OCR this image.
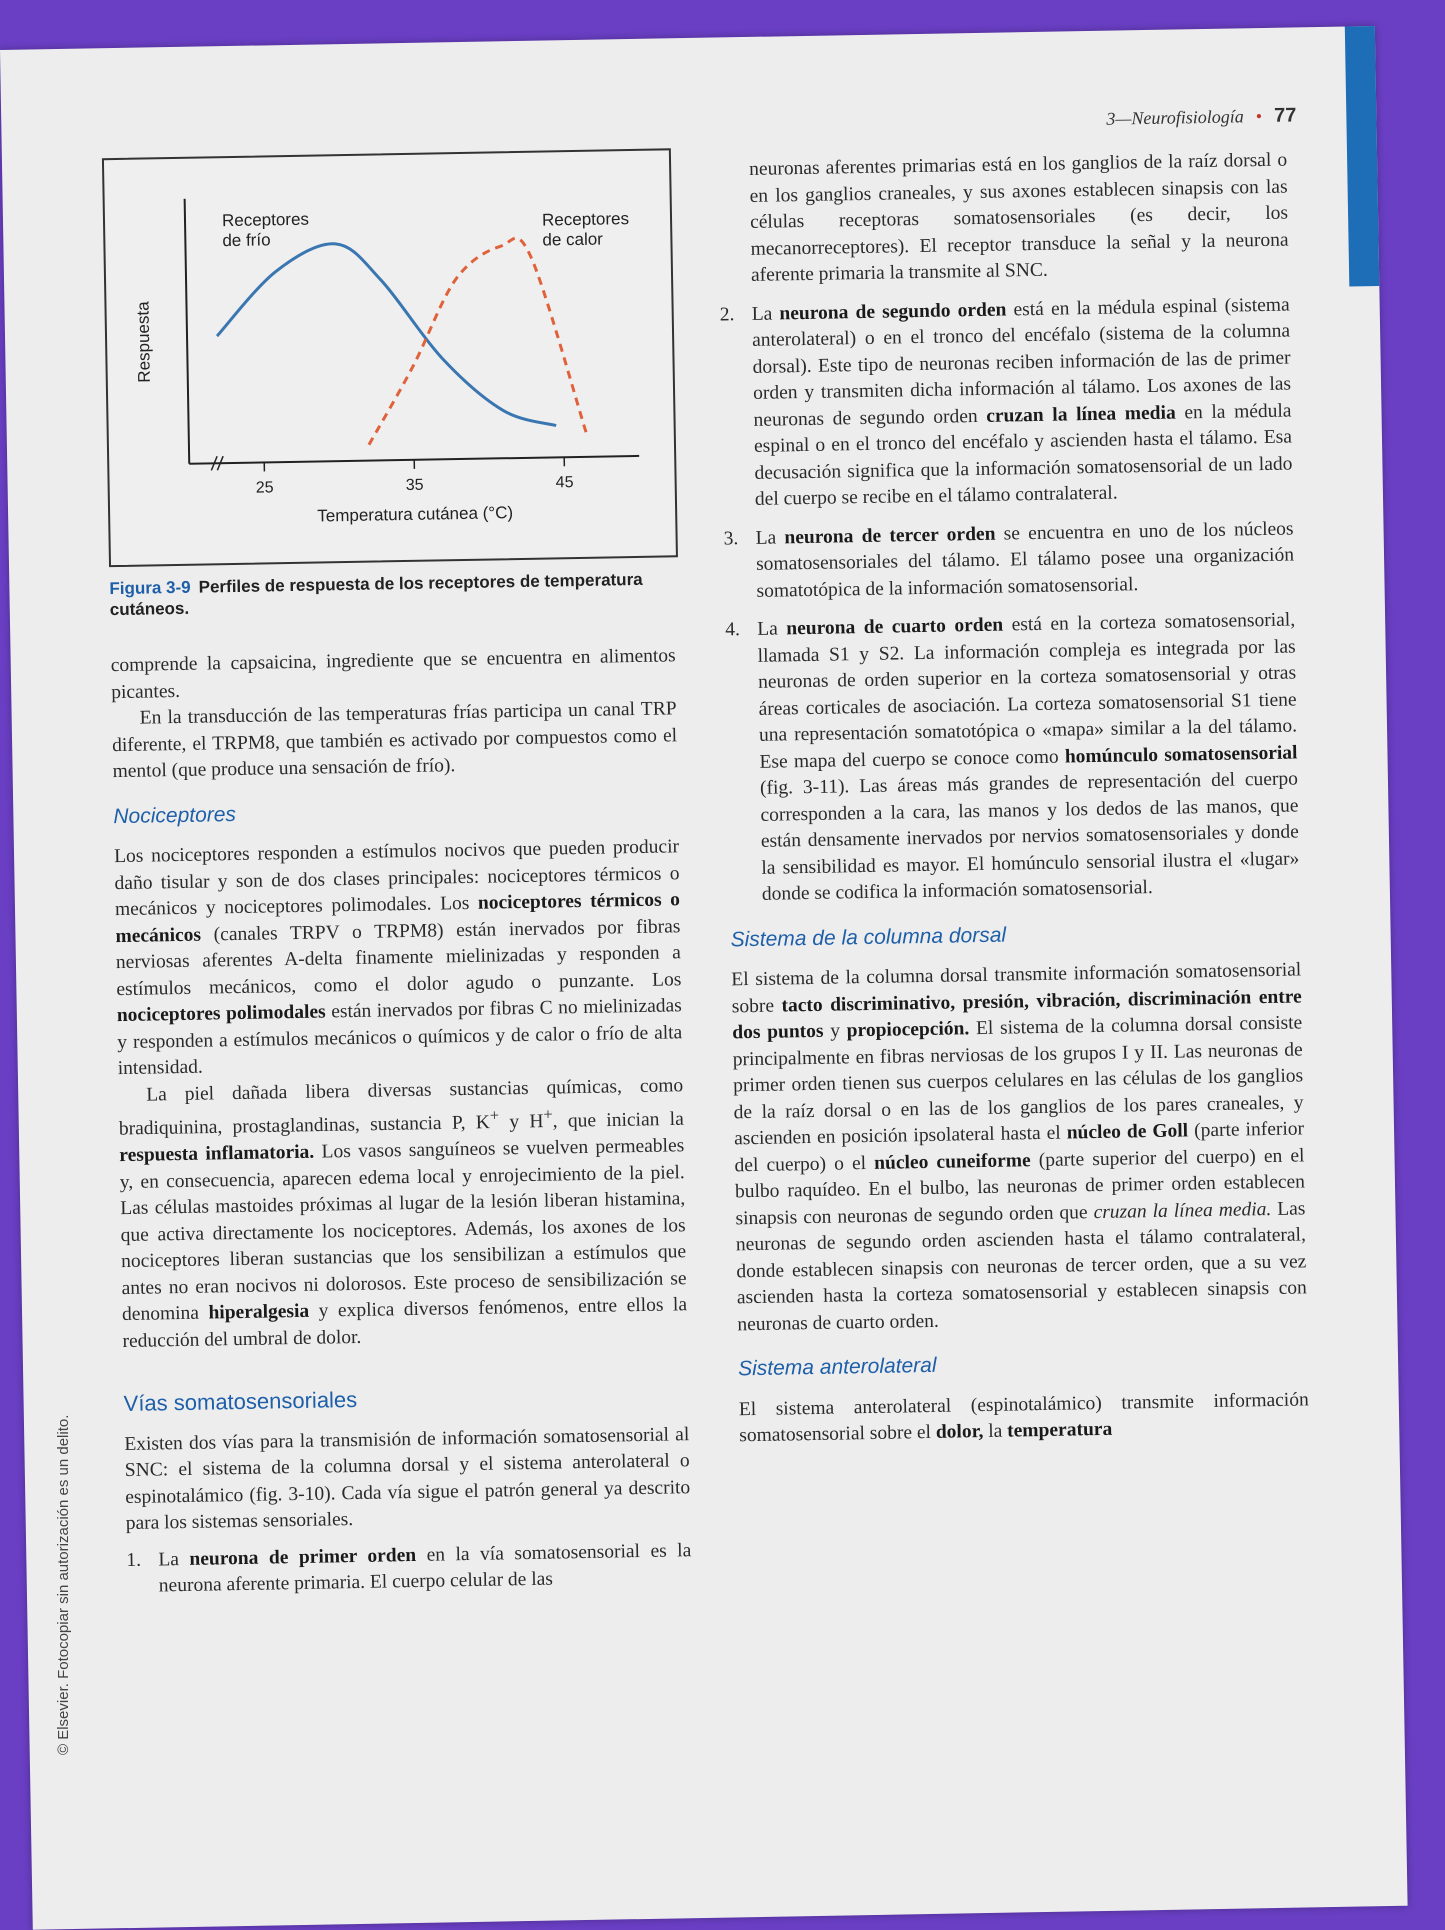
3—Neurofisiología • 77
25	35	45
Temperatura cutánea (°C)
Respuesta
Receptores
de frío
Receptores
de calor
Figura 3-9 Perfiles de respuesta de los receptores de temperatura cutáneos.

comprende la capsaicina, ingrediente que se encuentra en alimentos picantes.

En la transducción de las temperaturas frías participa un canal TRP diferente, el TRPM8, que también es activado por compuestos como el mentol (que produce una sensación de frío).

Nociceptores

Los nociceptores responden a estímulos nocivos que pueden producir daño tisular y son de dos clases principales: nociceptores térmicos o mecánicos y nociceptores polimodales. Los nociceptores térmicos o mecánicos (canales TRPV o TRPM8) están inervados por fibras nerviosas aferentes A-delta finamente mielinizadas y responden a estímulos mecánicos, como el dolor agudo o punzante. Los nociceptores polimodales están inervados por fibras C no mielinizadas y responden a estímulos mecánicos o químicos y de calor o frío de alta intensidad.

La piel dañada libera diversas sustancias químicas, como bradiquinina, prostaglandinas, sustancia P, K+ y H+, que inician la respuesta inflamatoria. Los vasos sanguíneos se vuelven permeables y, en consecuencia, aparecen edema local y enrojecimiento de la piel. Las células mastoides próximas al lugar de la lesión liberan histamina, que activa directamente los nociceptores. Además, los axones de los nociceptores liberan sustancias que los sensibilizan a estímulos que antes no eran nocivos ni dolorosos. Este proceso de sensibilización se denomina hiperalgesia y explica diversos fenómenos, entre ellos la reducción del umbral de dolor.

Vías somatosensoriales

Existen dos vías para la transmisión de información somatosensorial al SNC: el sistema de la columna dorsal y el sistema anterolateral o espinotalámico (fig. 3-10). Cada vía sigue el patrón general ya descrito para los sistemas sensoriales.

1. La neurona de primer orden en la vía somatosensorial es la neurona aferente primaria. El cuerpo celular de las
neuronas aferentes primarias está en los ganglios de la raíz dorsal o en los ganglios craneales, y sus axones establecen sinapsis con las células receptoras somatosensoriales (es decir, los mecanorreceptores). El receptor transduce la señal y la neurona aferente primaria la transmite al SNC.
2. La neurona de segundo orden está en la médula espinal (sistema anterolateral) o en el tronco del encéfalo (sistema de la columna dorsal). Este tipo de neuronas reciben información de las de primer orden y transmiten dicha información al tálamo. Los axones de las neuronas de segundo orden cruzan la línea media en la médula espinal o en el tronco del encéfalo y ascienden hasta el tálamo. Esa decusación significa que la información somatosensorial de un lado del cuerpo se recibe en el tálamo contralateral.
3. La neurona de tercer orden se encuentra en uno de los núcleos somatosensoriales del tálamo. El tálamo posee una organización somatotópica de la información somatosensorial.
4. La neurona de cuarto orden está en la corteza somatosensorial, llamada S1 y S2. La información compleja es integrada por las neuronas de orden superior en la corteza somatosensorial y otras áreas corticales de asociación. La corteza somatosensorial S1 tiene una representación somatotópica o «mapa» similar a la del tálamo. Ese mapa del cuerpo se conoce como homúnculo somatosensorial (fig. 3-11). Las áreas más grandes de representación del cuerpo corresponden a la cara, las manos y los dedos de las manos, que están densamente inervados por nervios somatosensoriales y donde la sensibilidad es mayor. El homúnculo sensorial ilustra el «lugar» donde se codifica la información somatosensorial.
Sistema de la columna dorsal

El sistema de la columna dorsal transmite información somatosensorial sobre tacto discriminativo, presión, vibración, discriminación entre dos puntos y propiocepción. El sistema de la columna dorsal consiste principalmente en fibras nerviosas de los grupos I y II. Las neuronas de primer orden tienen sus cuerpos celulares en las células de los ganglios de la raíz dorsal o en las de los ganglios de los pares craneales, y ascienden en posición ipsolateral hasta el núcleo de Goll (parte inferior del cuerpo) o el núcleo cuneiforme (parte superior del cuerpo) en el bulbo raquídeo. En el bulbo, las neuronas de primer orden establecen sinapsis con neuronas de segundo orden que cruzan la línea media. Las neuronas de segundo orden ascienden hasta el tálamo contralateral, donde establecen sinapsis con neuronas de tercer orden, que a su vez ascienden hasta la corteza somatosensorial y establecen sinapsis con neuronas de cuarto orden.

Sistema anterolateral

El sistema anterolateral (espinotalámico) transmite información somatosensorial sobre el dolor, la temperatura

© Elsevier. Fotocopiar sin autorización es un delito.
